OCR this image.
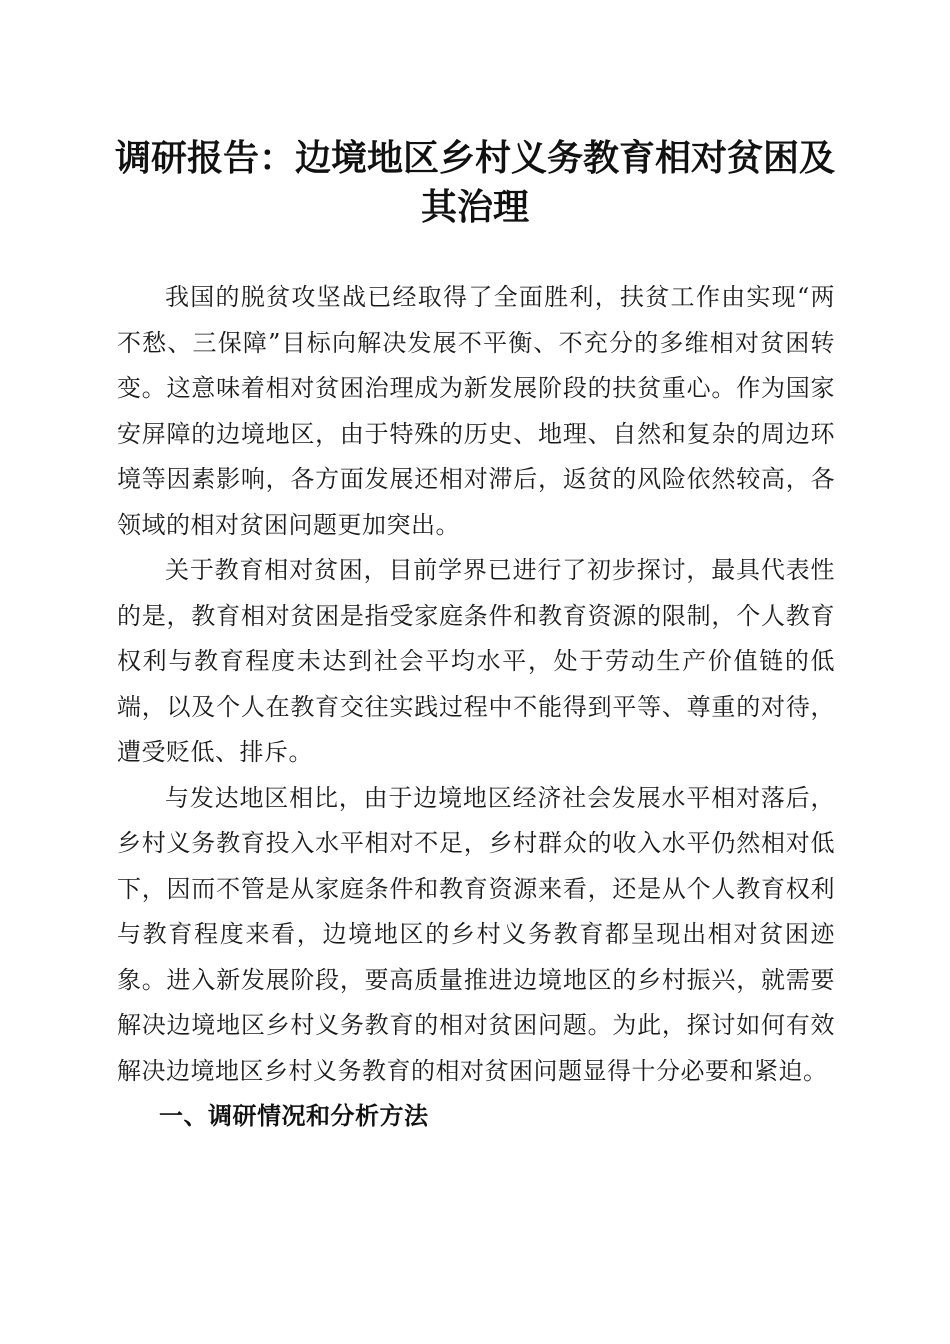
调研报告：边境地区乡村义务教育相对贫困及其治理

我国的脱贫攻坚战已经取得了全面胜利，扶贫工作由实现“两不愁、三保障”目标向解决发展不平衡、不充分的多维相对贫困转变。这意味着相对贫困治理成为新发展阶段的扶贫重心。作为国家安屏障的边境地区，由于特殊的历史、地理、自然和复杂的周边环境等因素影响，各方面发展还相对滞后，返贫的风险依然较高，各领域的相对贫困问题更加突出。

关于教育相对贫困，目前学界已进行了初步探讨，最具代表性的是，教育相对贫困是指受家庭条件和教育资源的限制，个人教育权利与教育程度未达到社会平均水平，处于劳动生产价值链的低端，以及个人在教育交往实践过程中不能得到平等、尊重的对待，遭受贬低、排斥。

与发达地区相比，由于边境地区经济社会发展水平相对落后，乡村义务教育投入水平相对不足，乡村群众的收入水平仍然相对低下，因而不管是从家庭条件和教育资源来看，还是从个人教育权利与教育程度来看，边境地区的乡村义务教育都呈现出相对贫困迹象。进入新发展阶段，要高质量推进边境地区的乡村振兴，就需要解决边境地区乡村义务教育的相对贫困问题。为此，探讨如何有效解决边境地区乡村义务教育的相对贫困问题显得十分必要和紧迫。

一、调研情况和分析方法
